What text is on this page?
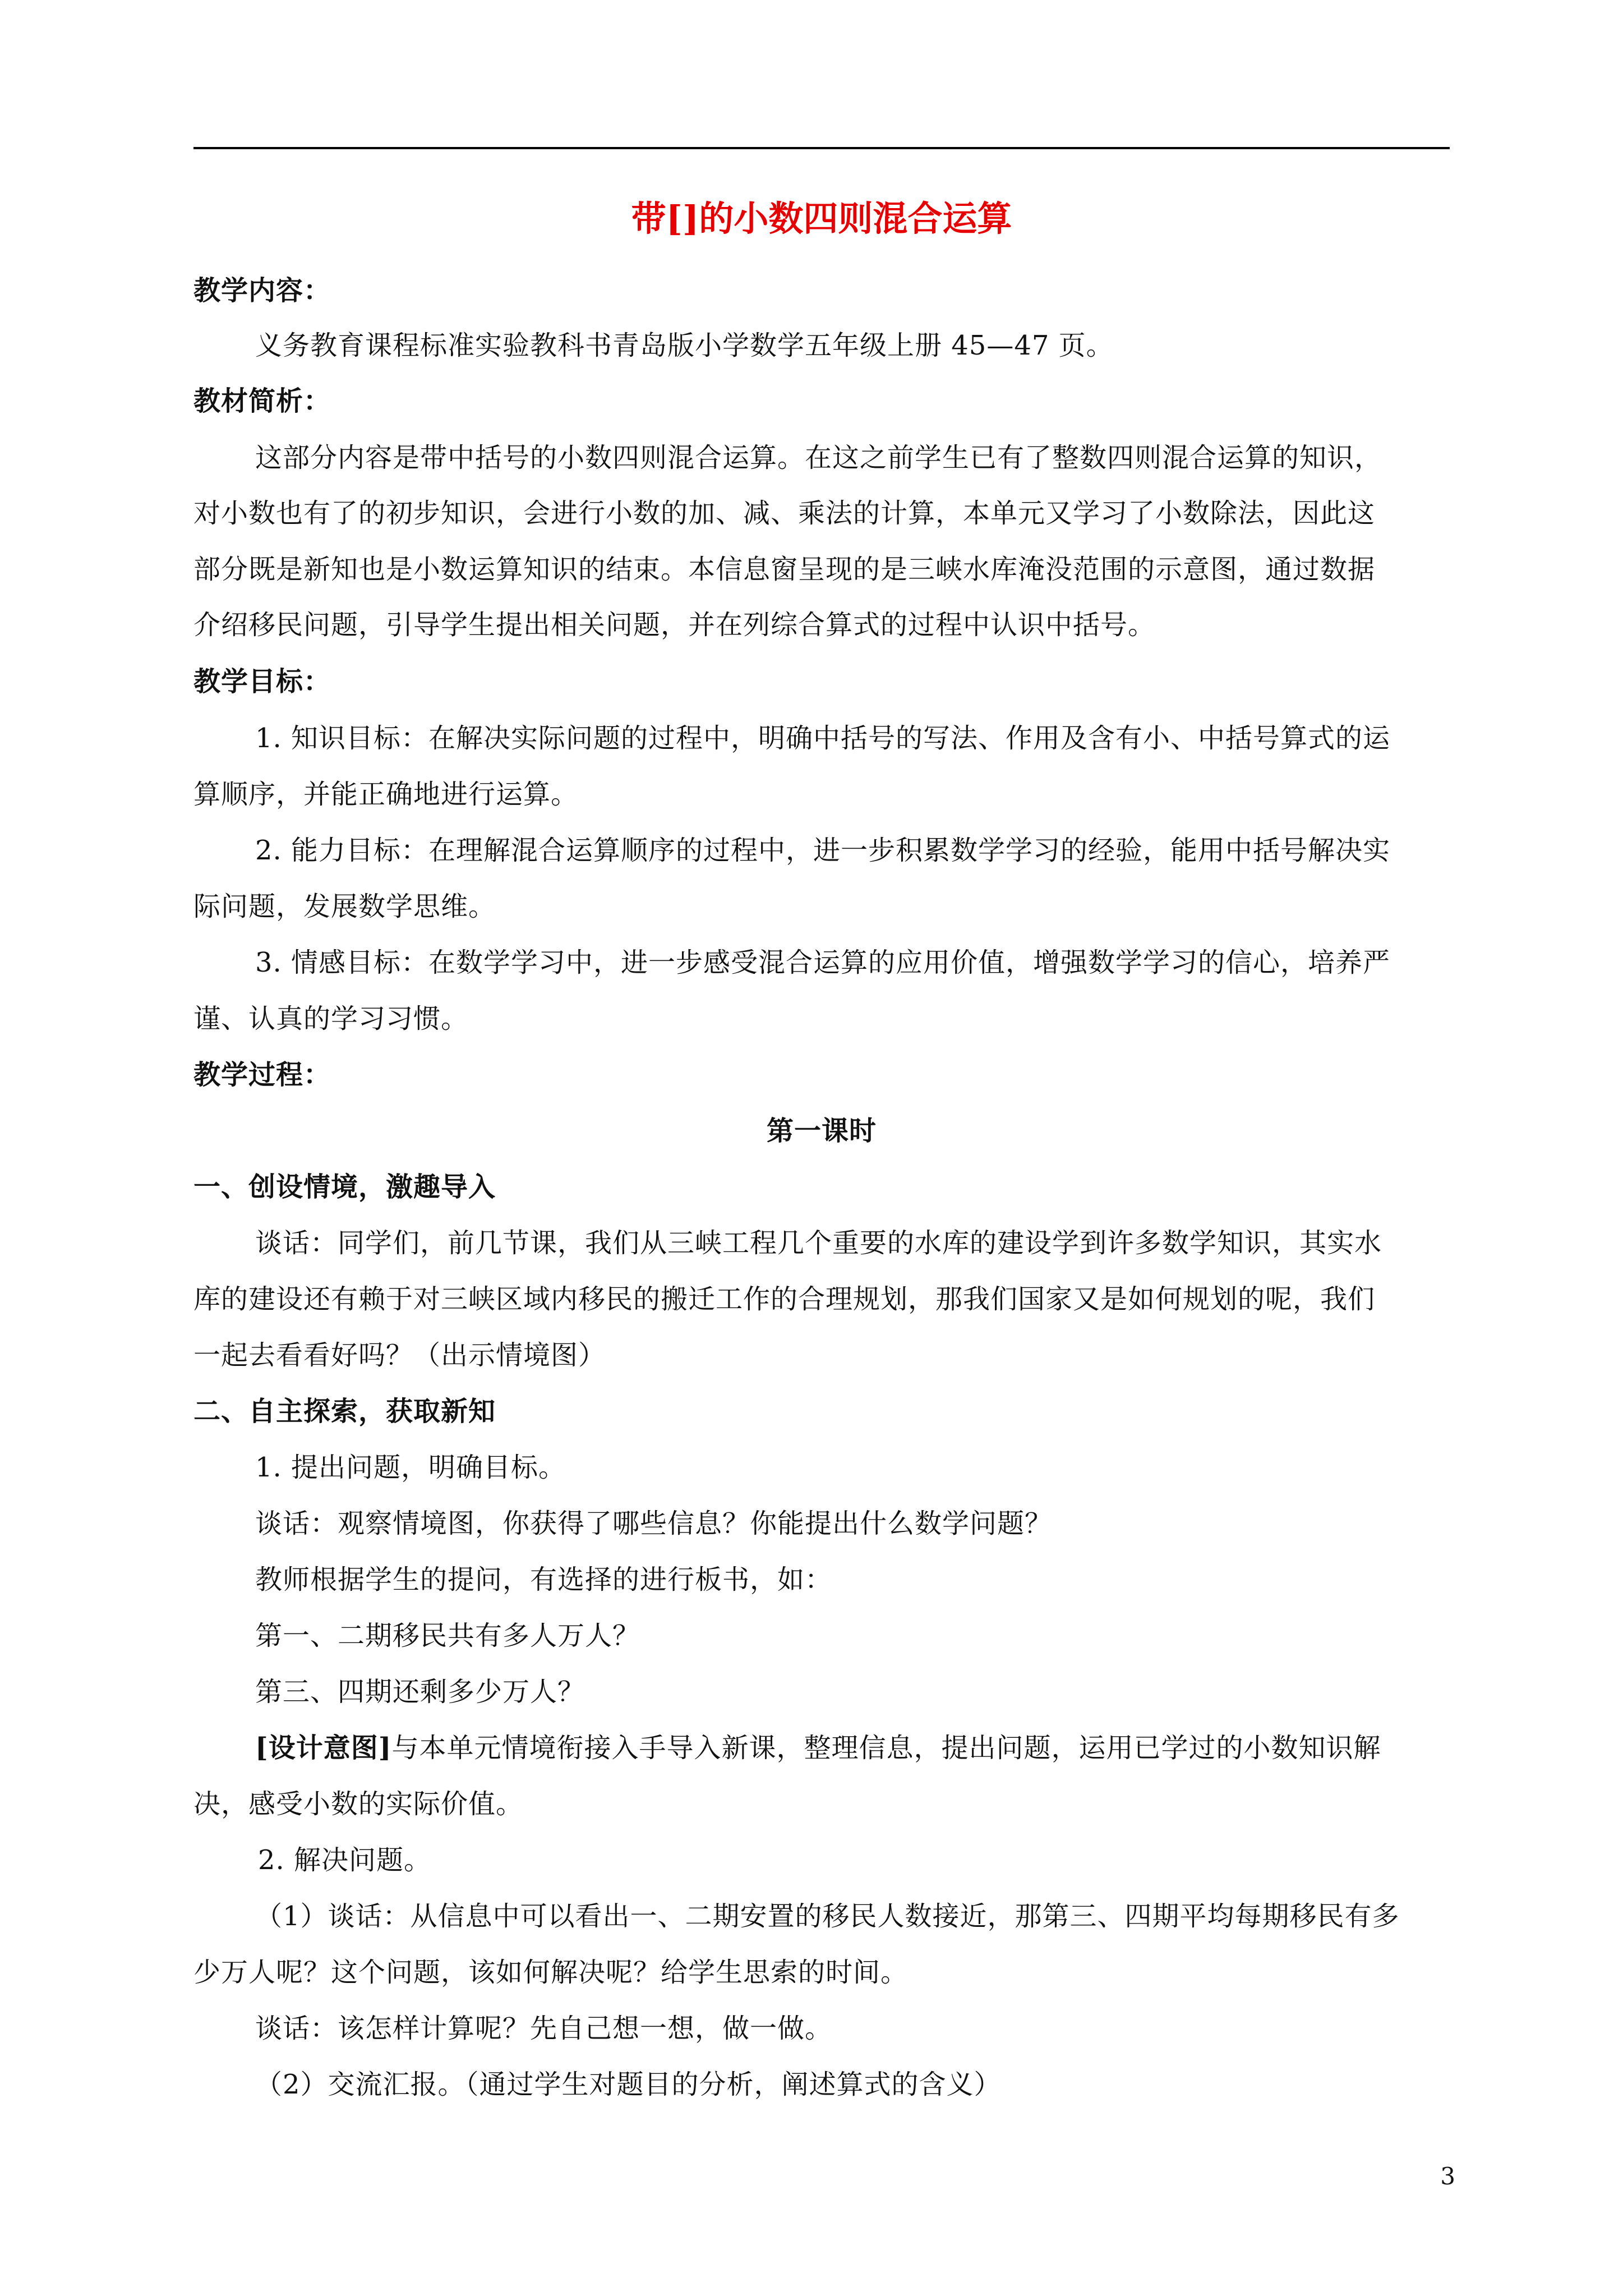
带[]的小数四则混合运算
教学内容：
义务教育课程标准实验教科书青岛版小学数学五年级上册 45—47 页。
教材简析：
这部分内容是带中括号的小数四则混合运算。在这之前学生已有了整数四则混合运算的知识，
对小数也有了的初步知识，会进行小数的加、减、乘法的计算，本单元又学习了小数除法，因此这
部分既是新知也是小数运算知识的结束。本信息窗呈现的是三峡水库淹没范围的示意图，通过数据
介绍移民问题，引导学生提出相关问题，并在列综合算式的过程中认识中括号。
教学目标：
1. 知识目标：在解决实际问题的过程中，明确中括号的写法、作用及含有小、中括号算式的运
算顺序，并能正确地进行运算。
2. 能力目标：在理解混合运算顺序的过程中，进一步积累数学学习的经验，能用中括号解决实
际问题，发展数学思维。
3. 情感目标：在数学学习中，进一步感受混合运算的应用价值，增强数学学习的信心，培养严
谨、认真的学习习惯。
教学过程：
第一课时
一、创设情境，激趣导入
谈话：同学们，前几节课，我们从三峡工程几个重要的水库的建设学到许多数学知识，其实水
库的建设还有赖于对三峡区域内移民的搬迁工作的合理规划，那我们国家又是如何规划的呢，我们
一起去看看好吗？（出示情境图）
二、自主探索，获取新知
1. 提出问题，明确目标。
谈话：观察情境图，你获得了哪些信息？你能提出什么数学问题？
教师根据学生的提问，有选择的进行板书，如：
第一、二期移民共有多人万人？
第三、四期还剩多少万人？
[设计意图]与本单元情境衔接入手导入新课，整理信息，提出问题，运用已学过的小数知识解
决，感受小数的实际价值。
2. 解决问题。
（1）谈话：从信息中可以看出一、二期安置的移民人数接近，那第三、四期平均每期移民有多
少万人呢？这个问题，该如何解决呢？给学生思索的时间。
谈话：该怎样计算呢？先自己想一想，做一做。
（2）交流汇报。（通过学生对题目的分析，阐述算式的含义）
3
